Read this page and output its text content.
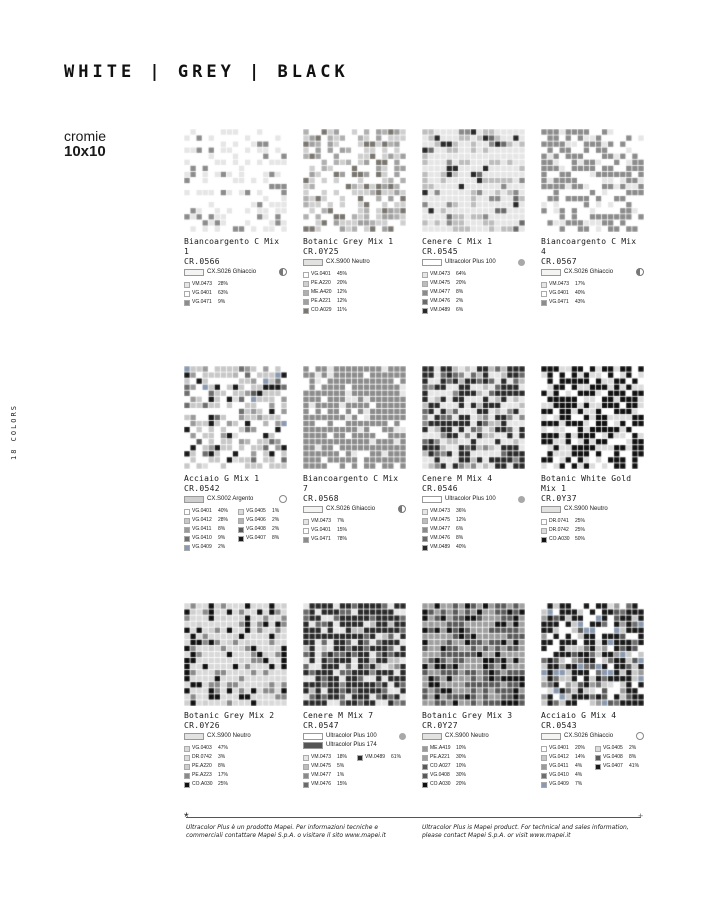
WHITE | GREY | BLACK
cromie
10x10
18 COLORS
Biancoargento C Mix 1
CR.0566
CX.S026 Ghiaccio
VM.0473	28%
VG.0401	63%
VG.0471	9%
Botanic Grey Mix 1
CR.0Y25
CX.S900 Neutro
VG.0401	45%
PE.A220	20%
ME.A420	12%
PE.A221	12%
CO.A029	11%
Cenere C Mix 1
CR.0545
Ultracolor Plus 100
VM.0473	64%
VM.0475	20%
VM.0477	8%
VM.0476	2%
VM.0489	6%
Biancoargento C Mix 4
CR.0567
CX.S026 Ghiaccio
VM.0473	17%
VG.0401	40%
VG.0471	43%
Acciaio G Mix 1
CR.0542
CX.S002 Argento
VG.0401	40%
VG.0412	28%
VG.0411	8%
VG.0410	9%
VG.0409	2%
VG.0405	1%
VG.0406	2%
VG.0408	2%
VG.0407	8%
Biancoargento C Mix 7
CR.0568
CX.S026 Ghiaccio
VM.0473	7%
VG.0401	15%
VG.0471	78%
Cenere M Mix 4
CR.0546
Ultracolor Plus 100
VM.0473	36%
VM.0475	12%
VM.0477	6%
VM.0476	8%
VM.0489	40%
Botanic White Gold Mix 1
CR.0Y37
CX.S900 Neutro
DR.0741	25%
DR.0742	25%
CO.A030	50%
Botanic Grey Mix 2
CR.0Y26
CX.S900 Neutro
VG.0403	47%
DR.0742	3%
PE.A220	8%
PE.A223	17%
CO.A030	25%
Cenere M Mix 7
CR.0547
Ultracolor Plus 100
Ultracolor Plus 174
VM.0473	18%
VM.0475	5%
VM.0477	1%
VM.0476	15%
VM.0489	61%
Botanic Grey Mix 3
CR.0Y27
CX.S900 Neutro
ME.A419	10%
PE.A221	30%
CO.A027	10%
VG.0408	30%
CO.A030	20%
Acciaio G Mix 4
CR.0543
CX.S026 Ghiaccio
VG.0401	20%
VG.0412	14%
VG.0411	4%
VG.0410	4%
VG.0409	7%
VG.0405	2%
VG.0408	8%
VG.0407	41%
*	+
Ultracolor Plus è un prodotto Mapei. Per informazioni tecniche e commerciali contattare Mapei S.p.A. o visitare il sito www.mapei.it
Ultracolor Plus is Mapei product. For technical and sales information, please contact Mapei S.p.A. or visit www.mapei.it
